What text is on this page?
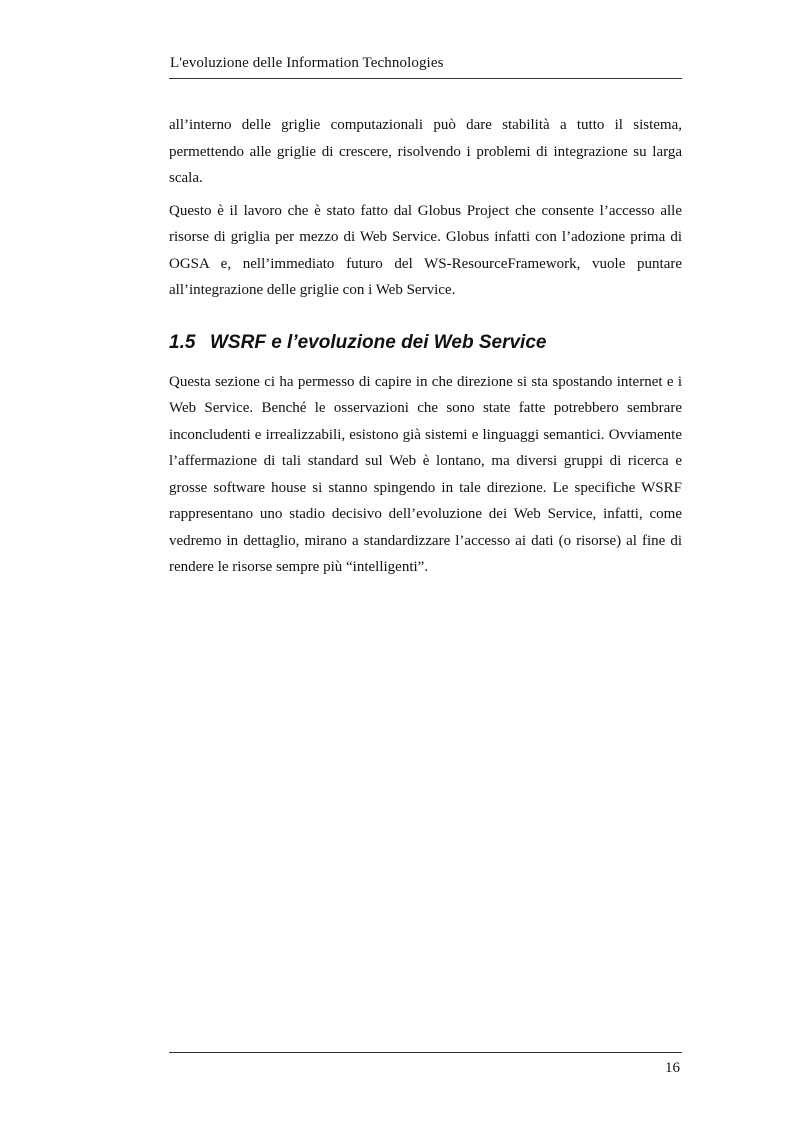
L'evoluzione delle Information Technologies

all’interno delle griglie computazionali può dare stabilità a tutto il sistema, permettendo alle griglie di crescere, risolvendo i problemi di integrazione su larga scala.

Questo è il lavoro che è stato fatto dal Globus Project che consente l’accesso alle risorse di griglia per mezzo di Web Service. Globus infatti con l’adozione prima di OGSA e, nell’immediato futuro del WS-ResourceFramework, vuole puntare all’integrazione delle griglie con i Web Service.

1.5 WSRF e l’evoluzione dei Web Service

Questa sezione ci ha permesso di capire in che direzione si sta spostando internet e i Web Service. Benché le osservazioni che sono state fatte potrebbero sembrare inconcludenti e irrealizzabili, esistono già sistemi e linguaggi semantici. Ovviamente l’affermazione di tali standard sul Web è lontano, ma diversi gruppi di ricerca e grosse software house si stanno spingendo in tale direzione. Le specifiche WSRF rappresentano uno stadio decisivo dell’evoluzione dei Web Service, infatti, come vedremo in dettaglio, mirano a standardizzare l’accesso ai dati (o risorse) al fine di rendere le risorse sempre più “intelligenti”.

16
